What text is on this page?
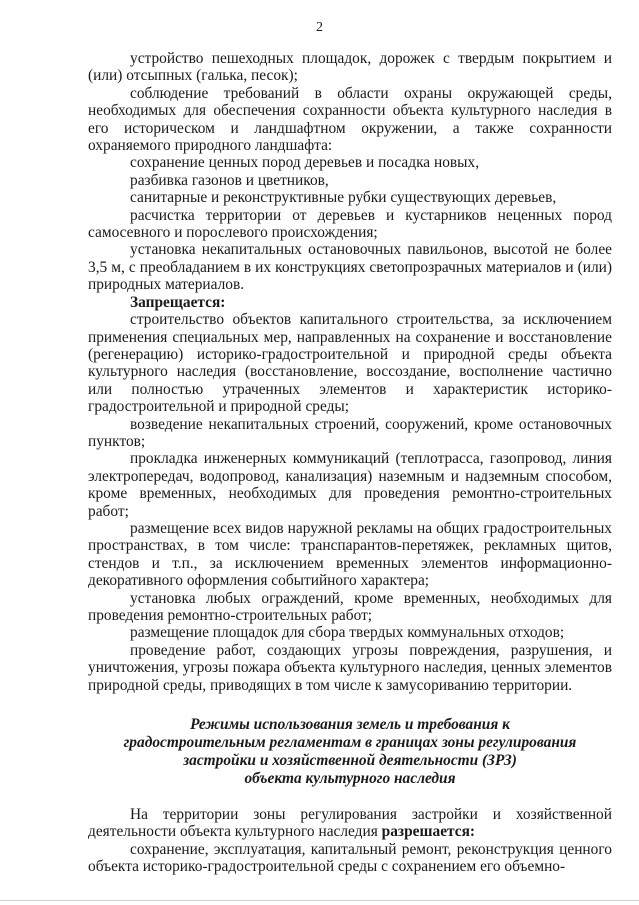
2

устройство пешеходных площадок, дорожек с твердым покрытием и (или) отсыпных (галька, песок);

соблюдение требований в области охраны окружающей среды, необходимых для обеспечения сохранности объекта культурного наследия в его историческом и ландшафтном окружении, а также сохранности охраняемого природного ландшафта:

сохранение ценных пород деревьев и посадка новых,

разбивка газонов и цветников,

санитарные и реконструктивные рубки существующих деревьев,

расчистка территории от деревьев и кустарников неценных пород самосевного и порослевого происхождения;

установка некапитальных остановочных павильонов, высотой не более 3,5 м, с преобладанием в их конструкциях светопрозрачных материалов и (или) природных материалов.

Запрещается:

строительство объектов капитального строительства, за исключением применения специальных мер, направленных на сохранение и восстановление (регенерацию) историко-градостроительной и природной среды объекта культурного наследия (восстановление, воссоздание, восполнение частично или полностью утраченных элементов и характеристик историко-градостроительной и природной среды;

возведение некапитальных строений, сооружений, кроме остановочных пунктов;

прокладка инженерных коммуникаций (теплотрасса, газопровод, линия электропередач, водопровод, канализация) наземным и надземным способом, кроме временных, необходимых для проведения ремонтно-строительных работ;

размещение всех видов наружной рекламы на общих градостроительных пространствах, в том числе: транспарантов-перетяжек, рекламных щитов, стендов и т.п., за исключением временных элементов информационно-декоративного оформления событийного характера;

установка любых ограждений, кроме временных, необходимых для проведения ремонтно-строительных работ;

размещение площадок для сбора твердых коммунальных отходов;

проведение работ, создающих угрозы повреждения, разрушения, и уничтожения, угрозы пожара объекта культурного наследия, ценных элементов природной среды, приводящих в том числе к замусориванию территории.

Режимы использования земель и требования к
градостроительным регламентам в границах зоны регулирования
застройки и хозяйственной деятельности (ЗРЗ)
объекта культурного наследия

На территории зоны регулирования застройки и хозяйственной деятельности объекта культурного наследия разрешается:

сохранение, эксплуатация, капитальный ремонт, реконструкция ценного объекта историко-градостроительной среды с сохранением его объемно-
